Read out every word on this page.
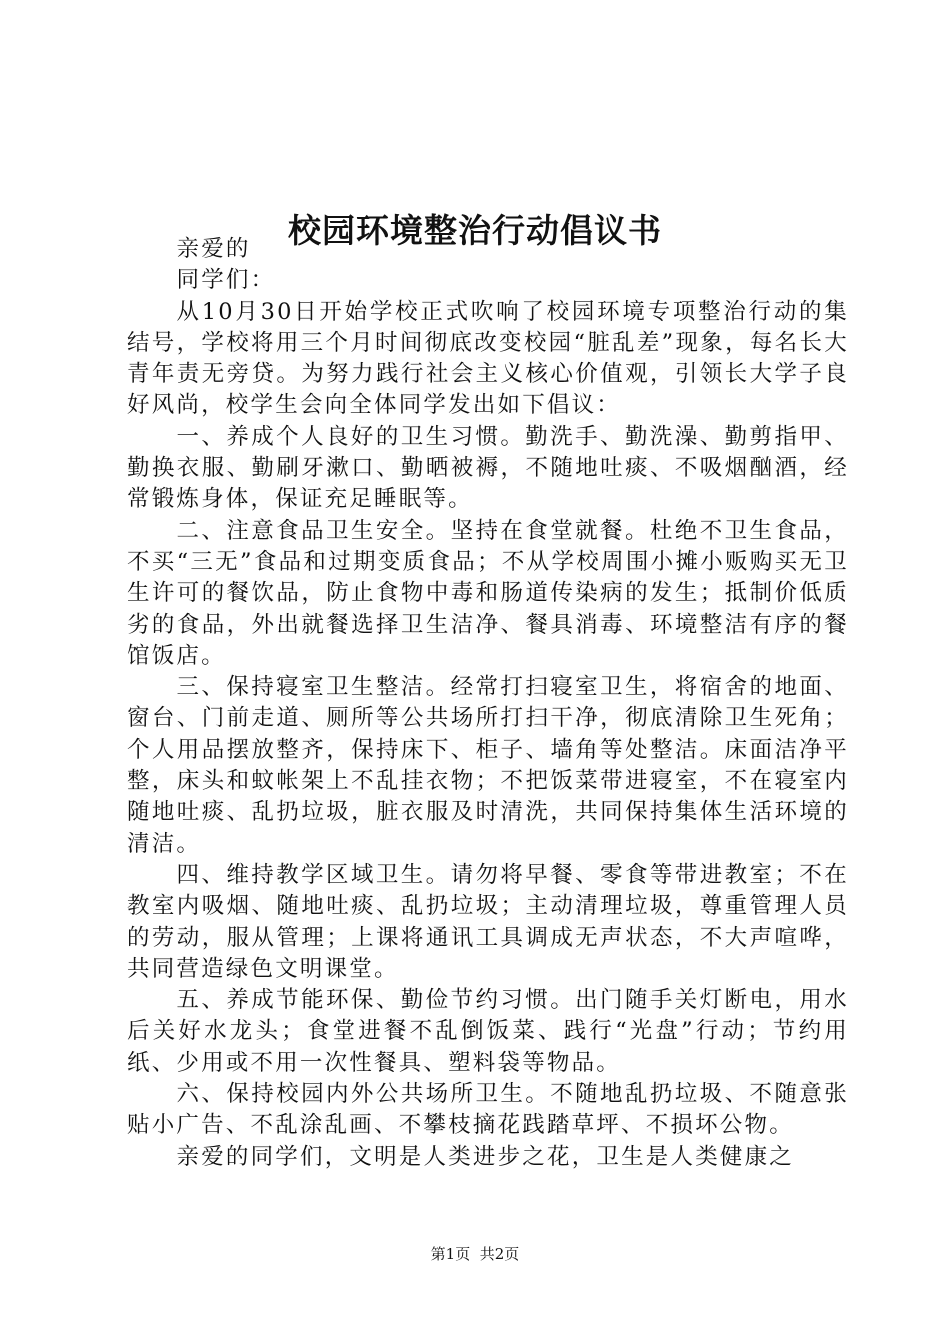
校园环境整治行动倡议书

亲爱的

同学们：

从10月30日开始学校正式吹响了校园环境专项整治行动的集结号，学校将用三个月时间彻底改变校园“脏乱差”现象，每名长大青年责无旁贷。为努力践行社会主义核心价值观，引领长大学子良好风尚，校学生会向全体同学发出如下倡议：

一、养成个人良好的卫生习惯。勤洗手、勤洗澡、勤剪指甲、勤换衣服、勤刷牙漱口、勤晒被褥，不随地吐痰、不吸烟酗酒，经常锻炼身体，保证充足睡眠等。

二、注意食品卫生安全。坚持在食堂就餐。杜绝不卫生食品，不买“三无”食品和过期变质食品；不从学校周围小摊小贩购买无卫生许可的餐饮品，防止食物中毒和肠道传染病的发生；抵制价低质劣的食品，外出就餐选择卫生洁净、餐具消毒、环境整洁有序的餐馆饭店。

三、保持寝室卫生整洁。经常打扫寝室卫生，将宿舍的地面、窗台、门前走道、厕所等公共场所打扫干净，彻底清除卫生死角；个人用品摆放整齐，保持床下、柜子、墙角等处整洁。床面洁净平整，床头和蚊帐架上不乱挂衣物；不把饭菜带进寝室，不在寝室内随地吐痰、乱扔垃圾，脏衣服及时清洗，共同保持集体生活环境的清洁。

四、维持教学区域卫生。请勿将早餐、零食等带进教室；不在教室内吸烟、随地吐痰、乱扔垃圾；主动清理垃圾，尊重管理人员的劳动，服从管理；上课将通讯工具调成无声状态，不大声喧哗，共同营造绿色文明课堂。

五、养成节能环保、勤俭节约习惯。出门随手关灯断电，用水后关好水龙头；食堂进餐不乱倒饭菜、践行“光盘”行动；节约用纸、少用或不用一次性餐具、塑料袋等物品。

六、保持校园内外公共场所卫生。不随地乱扔垃圾、不随意张贴小广告、不乱涂乱画、不攀枝摘花践踏草坪、不损坏公物。

亲爱的同学们，文明是人类进步之花，卫生是人类健康之

第1页 共2页
